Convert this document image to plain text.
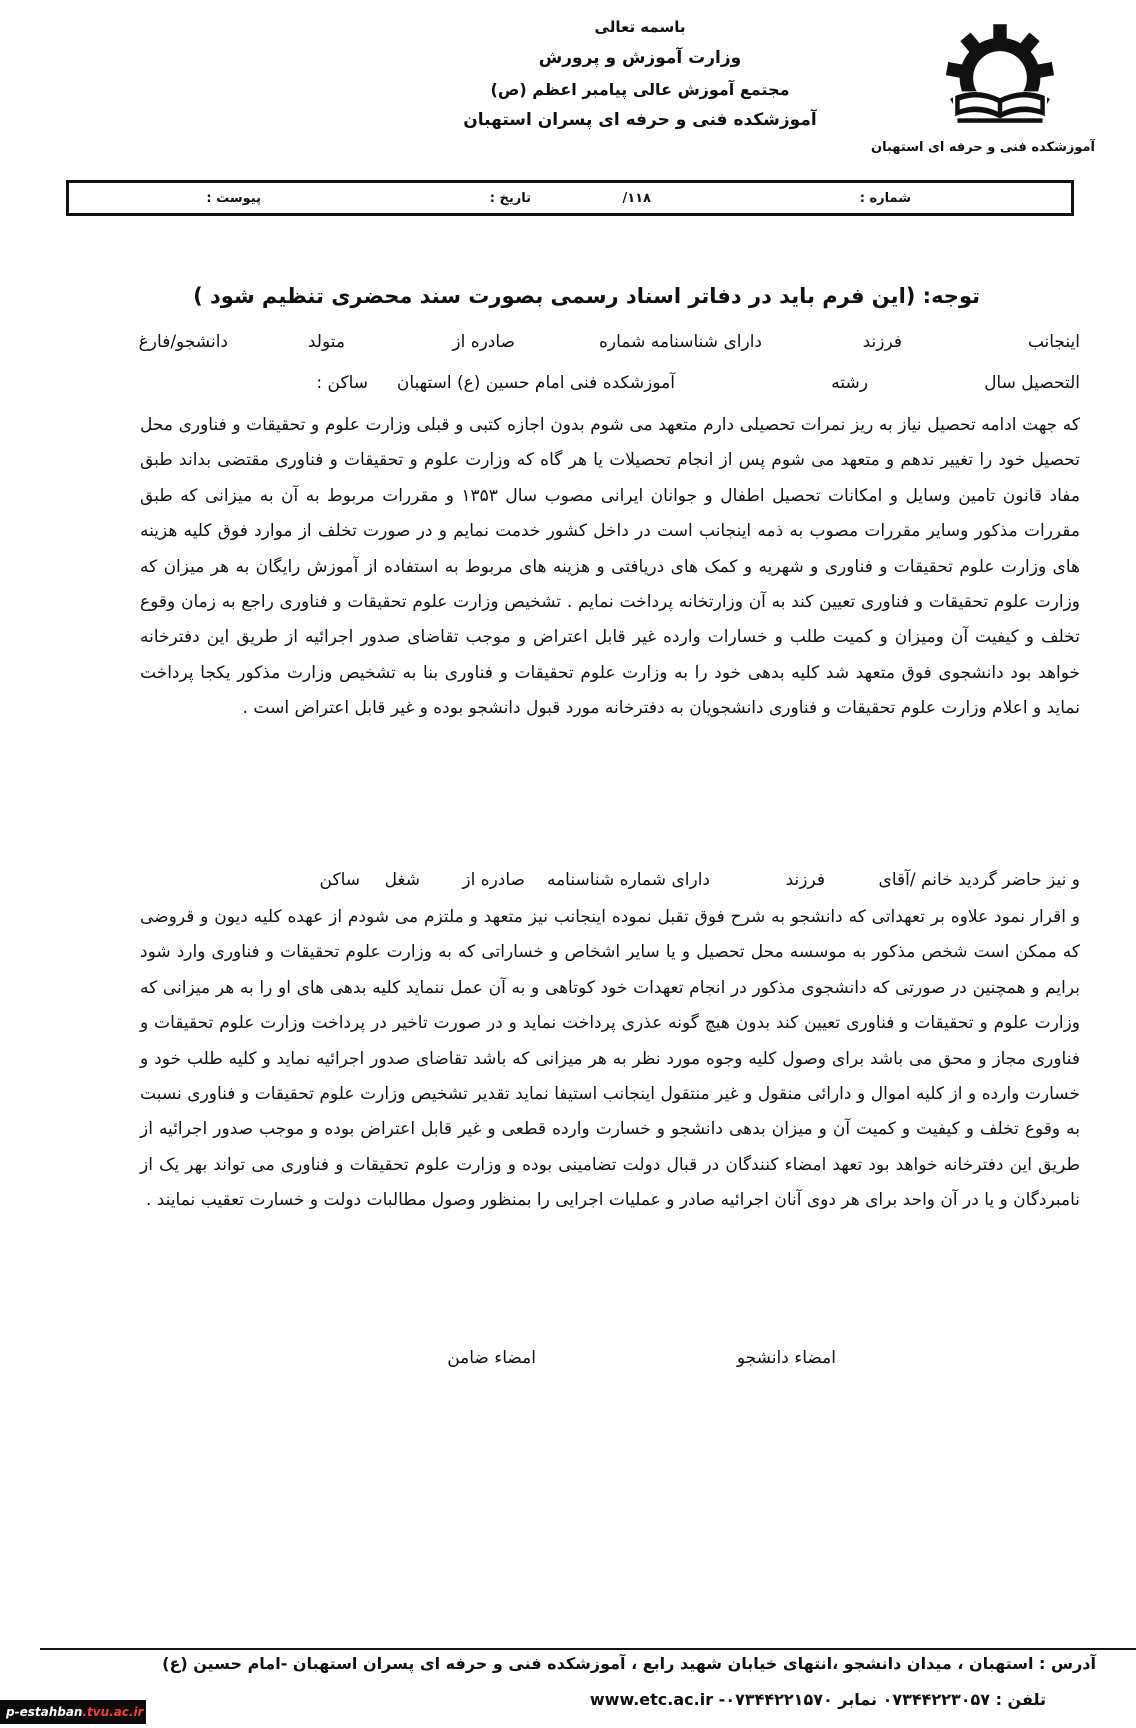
آموزشکده فنی و حرفه ای استهبان
باسمه تعالی
وزارت آموزش و پرورش
مجتمع آموزش عالی پیامبر اعظم (ص)
آموزشکده فنی و حرفه ای پسران استهبان
شماره :
۱۱۸/
تاریخ :
پیوست :
توجه: (این فرم باید در دفاتر اسناد رسمی بصورت سند محضری تنظیم شود )
اینجانب
فرزند
دارای شناسنامه شماره
صادره از
متولد
دانشجو/فارغ
التحصیل سال
رشته
آموزشکده فنی امام حسین (ع) استهبان
ساکن :
که جهت ادامه تحصیل نیاز به ریز نمرات تحصیلی دارم متعهد می شوم بدون اجازه کتبی و قبلی وزارت علوم و تحقیقات و فناوری محل تحصیل خود را تغییر ندهم و متعهد می شوم پس از انجام تحصیلات یا هر گاه که وزارت علوم و تحقیقات و فناوری مقتضی بداند طبق مفاد قانون تامین وسایل و امکانات تحصیل اطفال و جوانان ایرانی مصوب سال ۱۳۵۳ و مقررات مربوط به آن به میزانی که طبق مقررات مذکور وسایر مقررات مصوب به ذمه اینجانب است در داخل کشور خدمت نمایم و در صورت تخلف از موارد فوق کلیه هزینه های وزارت علوم تحقیقات و فناوری و شهریه و کمک های دریافتی و هزینه های مربوط به استفاده از آموزش رایگان به هر میزان که وزارت علوم تحقیقات و فناوری تعیین کند به آن وزارتخانه پرداخت نمایم . تشخیص وزارت علوم تحقیقات و فناوری راجع به زمان وقوع تخلف و کیفیت آن ومیزان و کمیت طلب و خسارات وارده غیر قابل اعتراض و موجب تقاضای صدور اجرائیه از طریق این دفترخانه خواهد بود دانشجوی فوق متعهد شد کلیه بدهی خود را به وزارت علوم تحقیقات و فناوری بنا به تشخیص وزارت مذکور یکجا پرداخت نماید و اعلام وزارت علوم تحقیقات و فناوری دانشجویان به دفترخانه مورد قبول دانشجو بوده و غیر قابل اعتراض است .
و نیز حاضر گردید خانم /آقای
فرزند
دارای شماره شناسنامه
صادره از
شغل
ساکن
و اقرار نمود علاوه بر تعهداتی که دانشجو به شرح فوق تقبل نموده اینجانب نیز متعهد و ملتزم می شودم از عهده کلیه دیون و قروضی که ممکن است شخص مذکور به موسسه محل تحصیل و یا سایر اشخاص و خساراتی که به وزارت علوم تحقیقات و فناوری وارد شود برایم و همچنین در صورتی که دانشجوی مذکور در انجام تعهدات خود کوتاهی و به آن عمل ننماید کلیه بدهی های او را به هر میزانی که وزارت علوم و تحقیقات و فناوری تعیین کند بدون هیچ گونه عذری پرداخت نماید و در صورت تاخیر در پرداخت وزارت علوم تحقیقات و فناوری مجاز و محق می باشد برای وصول کلیه وجوه مورد نظر به هر میزانی که باشد تقاضای صدور اجرائیه نماید و کلیه طلب خود و خسارت وارده و از کلیه اموال و دارائی منقول و غیر منتقول اینجانب استیفا نماید تقدیر تشخیص وزارت علوم تحقیقات و فناوری نسبت به وقوع تخلف و کیفیت و کمیت آن و میزان بدهی دانشجو و خسارت وارده قطعی و غیر قابل اعتراض بوده و موجب صدور اجرائیه از طریق این دفترخانه خواهد بود تعهد امضاء کنندگان در قبال دولت تضامینی بوده و وزارت علوم تحقیقات و فناوری می تواند بهر یک از نامبردگان و یا در آن واحد برای هر دوی آنان اجرائیه صادر و عملیات اجرایی را بمنظور وصول مطالبات دولت و خسارت تعقیب نمایند .
امضاء دانشجو
امضاء ضامن
آدرس : استهبان ، میدان دانشجو ،انتهای خیابان شهید رابع ، آموزشکده فنی و حرفه ای پسران استهبان -امام حسین (ع)
تلفن : ۰۷۳۴۴۲۲۳۰۵۷ نمابر ۰۷۳۴۴۲۲۱۵۷۰- www.etc.ac.ir
p-estahban.tvu.ac.ir
